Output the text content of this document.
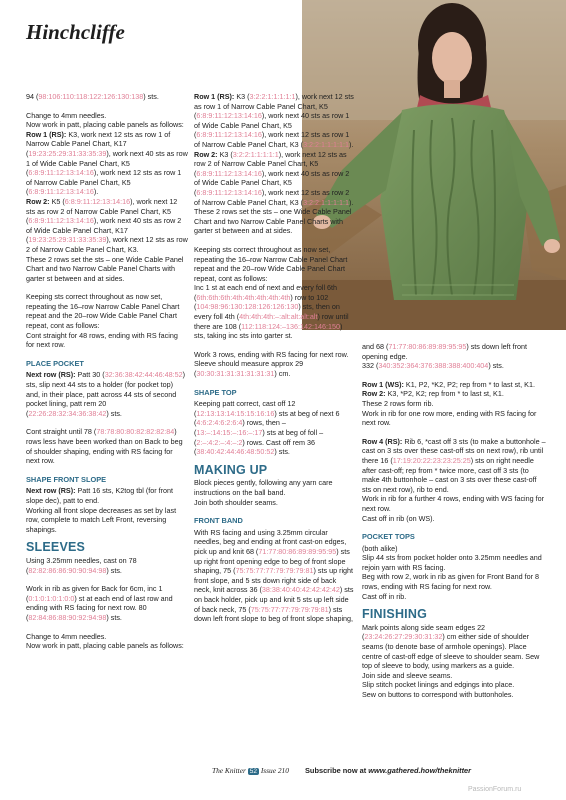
Hinchcliffe

94 (98:106:110:118:122:126:130:138) sts.

Change to 4mm needles.
Now work in patt, placing cable panels as follows:
Row 1 (RS): K3, work next 12 sts as row 1 of Narrow Cable Panel Chart, K17 (19:23:25:29:31:33:35:39), work next 40 sts as row 1 of Wide Cable Panel Chart, K5 (6:8:9:11:12:13:14:16), work next 12 sts as row 1 of Narrow Cable Panel Chart, K5 (6:8:9:11:12:13:14:16).
Row 2: K5 (6:8:9:11:12:13:14:16), work next 12 sts as row 2 of Narrow Cable Panel Chart, K5 (6:8:9:11:12:13:14:16), work next 40 sts as row 2 of Wide Cable Panel Chart, K17 (19:23:25:29:31:33:35:39), work next 12 sts as row 2 of Narrow Cable Panel Chart, K3.
These 2 rows set the sts – one Wide Cable Panel Chart and two Narrow Cable Panel Charts with garter st between and at sides.

Keeping sts correct throughout as now set, repeating the 16–row Narrow Cable Panel Chart repeat and the 20–row Wide Cable Panel Chart repeat, cont as follows:
Cont straight for 48 rows, ending with RS facing for next row.

PLACE POCKET

Next row (RS): Patt 30 (32:36:38:42:44:46:48:52) sts, slip next 44 sts to a holder (for pocket top) and, in their place, patt across 44 sts of second pocket lining, patt rem 20 (22:26:28:32:34:36:38:42) sts.

Cont straight until 78 (78:78:80:80:82:82:82:84) rows less have been worked than on Back to beg of shoulder shaping, ending with RS facing for next row.

SHAPE FRONT SLOPE

Next row (RS): Patt 16 sts, K2tog tbl (for front slope dec), patt to end.
Working all front slope decreases as set by last row, complete to match Left Front, reversing shapings.

SLEEVES

Using 3.25mm needles, cast on 78 (82:82:86:86:90:90:94:98) sts.

Work in rib as given for Back for 6cm, inc 1 (0:1:0:1:0:1:0:0) st at each end of last row and ending with RS facing for next row. 80 (82:84:86:88:90:92:94:98) sts.

Change to 4mm needles.
Now work in patt, placing cable panels as follows:

Row 1 (RS): K3 (3:2:2:1:1:1:1:1), work next 12 sts as row 1 of Narrow Cable Panel Chart, K5 (6:8:9:11:12:13:14:16), work next 40 sts as row 1 of Wide Cable Panel Chart, K5 (6:8:9:11:12:13:14:16), work next 12 sts as row 1 of Narrow Cable Panel Chart, K3 (3:2:2:1:1:1:1:1).
Row 2: K3 (3:2:2:1:1:1:1:1), work next 12 sts as row 2 of Narrow Cable Panel Chart, K5 (6:8:9:11:12:13:14:16), work next 40 sts as row 2 of Wide Cable Panel Chart, K5 (6:8:9:11:12:13:14:16), work next 12 sts as row 2 of Narrow Cable Panel Chart, K3 (3:2:2:1:1:1:1:1).
These 2 rows set the sts – one Wide Cable Panel Chart and two Narrow Cable Panel Charts with garter st between and at sides.

Keeping sts correct throughout as now set, repeating the 16–row Narrow Cable Panel Chart repeat and the 20–row Wide Cable Panel Chart repeat, cont as follows:
Inc 1 st at each end of next and every foll 6th (6th:6th:6th:4th:4th:4th:4th:4th) row to 102 (104:98:96:130:128:126:126:130) sts, then on every foll 4th (4th:4th:4th:–:alt:alt:alt:alt) row until there are 108 (112:118:124:–136:142:146:150) sts, taking inc sts into garter st.

Work 3 rows, ending with RS facing for next row. Sleeve should measure approx 29 (30:30:31:31:31:31:31:31) cm.

SHAPE TOP

Keeping patt correct, cast off 12 (12:13:13:14:15:15:16:16) sts at beg of next 6 (4:6:2:4:6:2:6:4) rows, then – (13:–:14:15:–:16:–:17) sts at beg of foll – (2:–:4:2:–:4:–:2) rows. Cast off rem 36 (38:40:42:44:46:48:50:52) sts.

MAKING UP

Block pieces gently, following any yarn care instructions on the ball band.
Join both shoulder seams.

FRONT BAND

With RS facing and using 3.25mm circular needles, beg and ending at front cast-on edges, pick up and knit 68 (71:77:80:86:89:89:95:95) sts up right front opening edge to beg of front slope shaping, 75 (75:75:77:77:79:79:79:81) sts up right front slope, and 5 sts down right side of back neck, knit across 36 (38:38:40:40:42:42:42:42) sts on back holder, pick up and knit 5 sts up left side of back neck, 75 (75:75:77:77:79:79:79:81) sts down left front slope to beg of front slope shaping,

and 68 (71:77:80:86:89:89:95:95) sts down left front opening edge.
332 (340:352:364:376:388:388:400:404) sts.

Row 1 (WS): K1, P2, *K2, P2; rep from * to last st, K1.
Row 2: K3, *P2, K2; rep from * to last st, K1.
These 2 rows form rib.
Work in rib for one row more, ending with RS facing for next row.

Row 4 (RS): Rib 6, *cast off 3 sts (to make a buttonhole – cast on 3 sts over these cast-off sts on next row), rib until there 16 (17:19:20:22:23:23:25:25) sts on right needle after cast-off; rep from * twice more, cast off 3 sts (to make 4th buttonhole – cast on 3 sts over these cast-off sts on next row), rib to end.
Work in rib for a further 4 rows, ending with WS facing for next row.
Cast off in rib (on WS).

POCKET TOPS

(both alike)
Slip 44 sts from pocket holder onto 3.25mm needles and rejoin yarn with RS facing.
Beg with row 2, work in rib as given for Front Band for 8 rows, ending with RS facing for next row.
Cast off in rib.

FINISHING

Mark points along side seam edges 22 (23:24:26:27:29:30:31:32) cm either side of shoulder seams (to denote base of armhole openings). Place centre of cast-off edge of sleeve to shoulder seam. Sew top of sleeve to body, using markers as a guide.
Join side and sleeve seams.
Slip stitch pocket linings and edgings into place.
Sew on buttons to correspond with buttonholes.

The Knitter 52 Issue 210 Subscribe now at www.gathered.how/theknitter
PassionForum.ru
